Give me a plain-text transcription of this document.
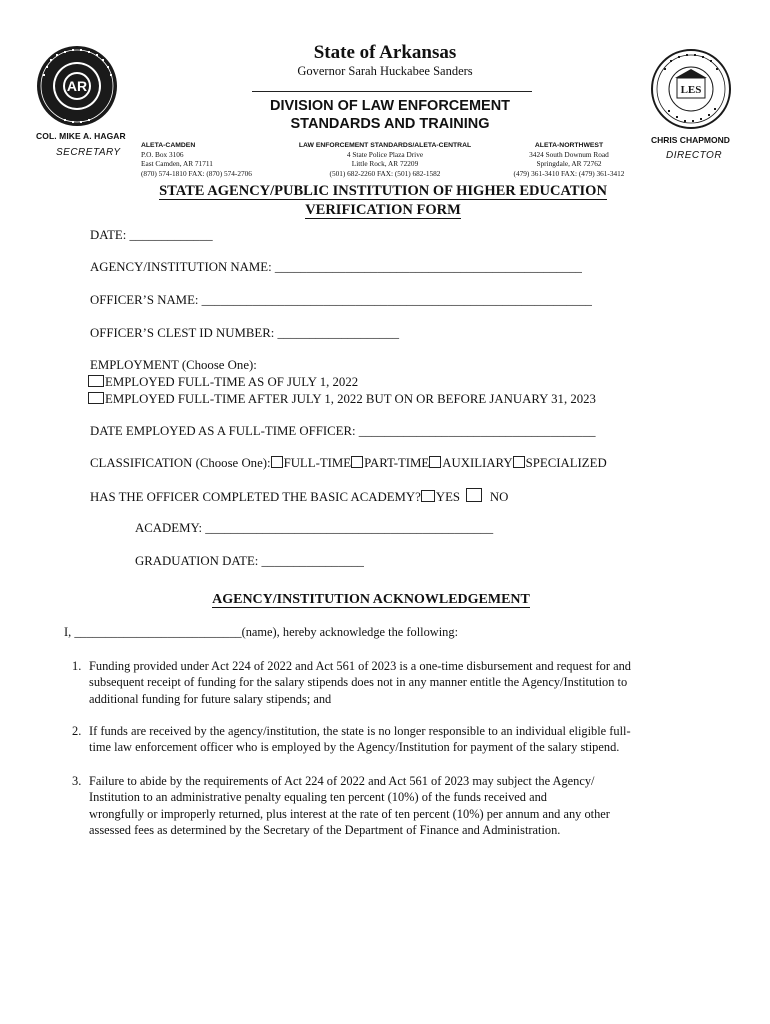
State of Arkansas
Governor Sarah Huckabee Sanders
DIVISION OF LAW ENFORCEMENT
STANDARDS AND TRAINING
AR	LES
COL. MIKE A. HAGAR
SECRETARY
CHRIS CHAPMOND
DIRECTOR
ALETA-CAMDEN
P.O. Box 3106
East Camden, AR 71711
(870) 574-1810 FAX: (870) 574-2706
LAW ENFORCEMENT STANDARDS/ALETA-CENTRAL
4 State Police Plaza Drive
Little Rock, AR 72209
(501) 682-2260 FAX: (501) 682-1582
ALETA-NORTHWEST
3424 South Downum Road
Springdale, AR 72762
(479) 361-3410 FAX: (479) 361-3412
STATE AGENCY/PUBLIC INSTITUTION OF HIGHER EDUCATION
VERIFICATION FORM
DATE: _____________
AGENCY/INSTITUTION NAME: ________________________________________________
OFFICER’S NAME: _____________________________________________________________
OFFICER’S CLEST ID NUMBER: ___________________
EMPLOYMENT (Choose One):
EMPLOYED FULL-TIME AS OF JULY 1, 2022
EMPLOYED FULL-TIME AFTER JULY 1, 2022 BUT ON OR BEFORE JANUARY 31, 2023
DATE EMPLOYED AS A FULL-TIME OFFICER: _____________________________________
CLASSIFICATION (Choose One): FULL-TIME PART-TIME AUXILIARY SPECIALIZED
HAS THE OFFICER COMPLETED THE BASIC ACADEMY? YES NO
ACADEMY: _____________________________________________
GRADUATION DATE: ________________
AGENCY/INSTITUTION ACKNOWLEDGEMENT
I, ___________________________(name), hereby acknowledge the following:
1. Funding provided under Act 224 of 2022 and Act 561 of 2023 is a one-time disbursement and request for and
subsequent receipt of funding for the salary stipends does not in any manner entitle the Agency/Institution to
additional funding for future salary stipends; and
2. If funds are received by the agency/institution, the state is no longer responsible to an individual eligible full-
time law enforcement officer who is employed by the Agency/Institution for payment of the salary stipend.
3. Failure to abide by the requirements of Act 224 of 2022 and Act 561 of 2023 may subject the Agency/
Institution to an administrative penalty equaling ten percent (10%) of the funds received and
wrongfully or improperly returned, plus interest at the rate of ten percent (10%) per annum and any other
assessed fees as determined by the Secretary of the Department of Finance and Administration.
